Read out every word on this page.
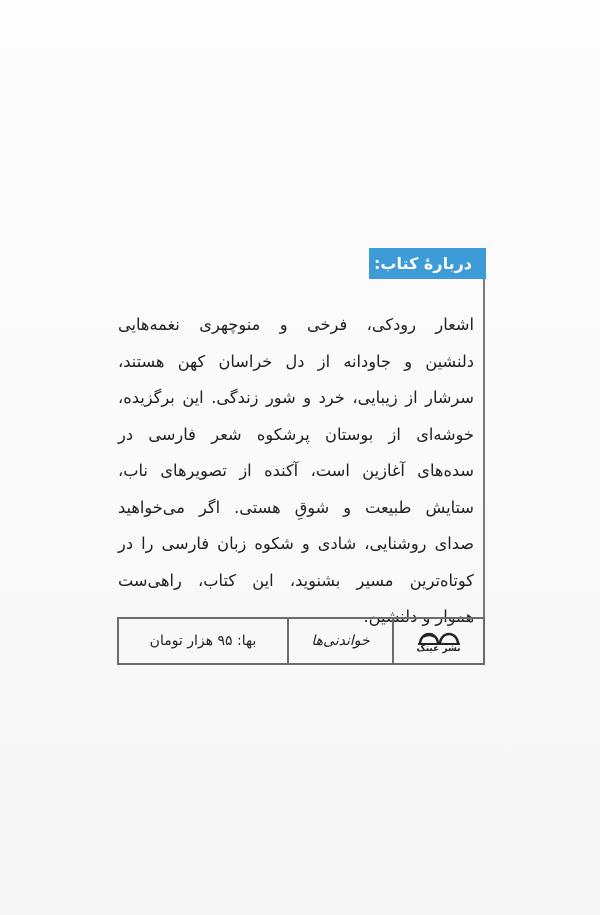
دربارهٔ کتاب:

اشعار رودکی، فرخی و منوچهری نغمه‌هایی

دلنشین و جاودانه از دل خراسان کهن هستند،

سرشار از زیبایی، خرد و شور زندگی. این برگزیده،

خوشه‌ای از بوستان پرشکوه شعر فارسی در

سده‌های آغازین است، آکنده از تصویرهای ناب،

ستایش طبیعت و شوقِ هستی. اگر می‌خواهید

صدای روشنایی، شادی و شکوه زبان فارسی را در

کوتاه‌ترین مسیر بشنوید، این کتاب، راهی‌ست

هموار و دلنشین.

نشر عینک
خواندنی‌ها
بها: ۹۵ هزار تومان
